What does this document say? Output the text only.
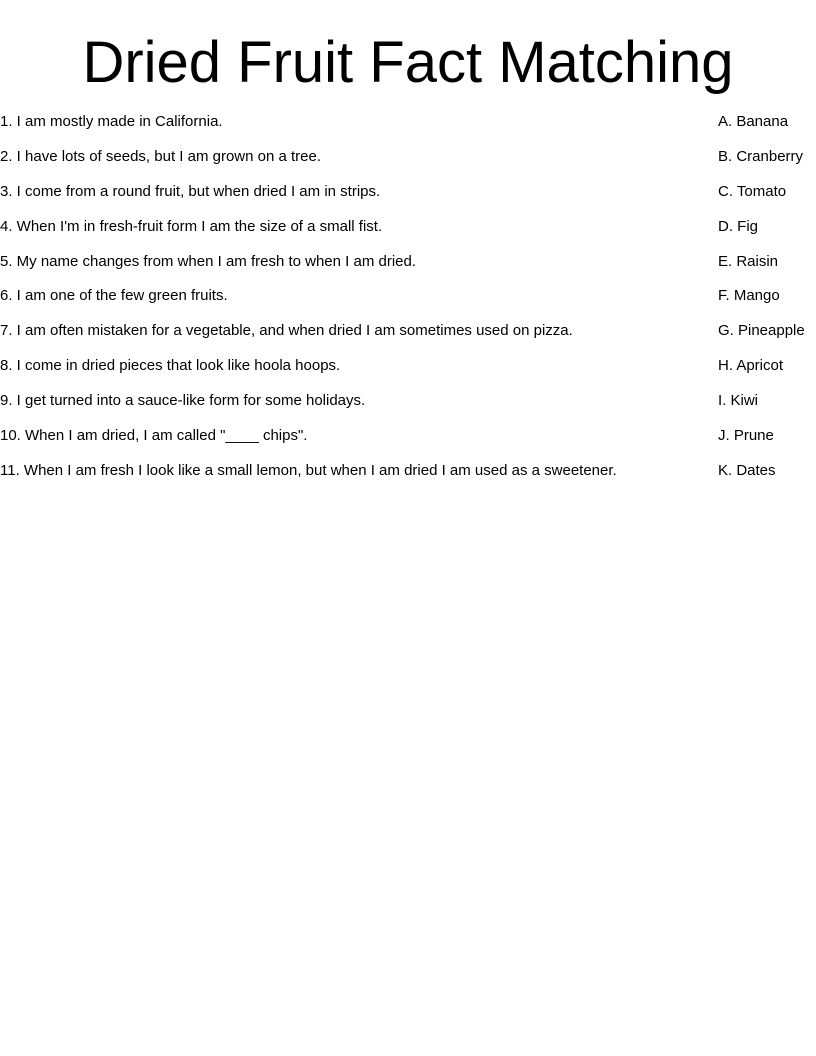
Dried Fruit Fact Matching
1. I am mostly made in California.
2. I have lots of seeds, but I am grown on a tree.
3. I come from a round fruit, but when dried I am in strips.
4. When I'm in fresh-fruit form I am the size of a small fist.
5. My name changes from when I am fresh to when I am dried.
6. I am one of the few green fruits.
7. I am often mistaken for a vegetable, and when dried I am sometimes used on pizza.
8. I come in dried pieces that look like hoola hoops.
9. I get turned into a sauce-like form for some holidays.
10. When I am dried, I am called "____ chips".
11. When I am fresh I look like a small lemon, but when I am dried I am used as a sweetener.
A. Banana
B. Cranberry
C. Tomato
D. Fig
E. Raisin
F. Mango
G. Pineapple
H. Apricot
I. Kiwi
J. Prune
K. Dates
